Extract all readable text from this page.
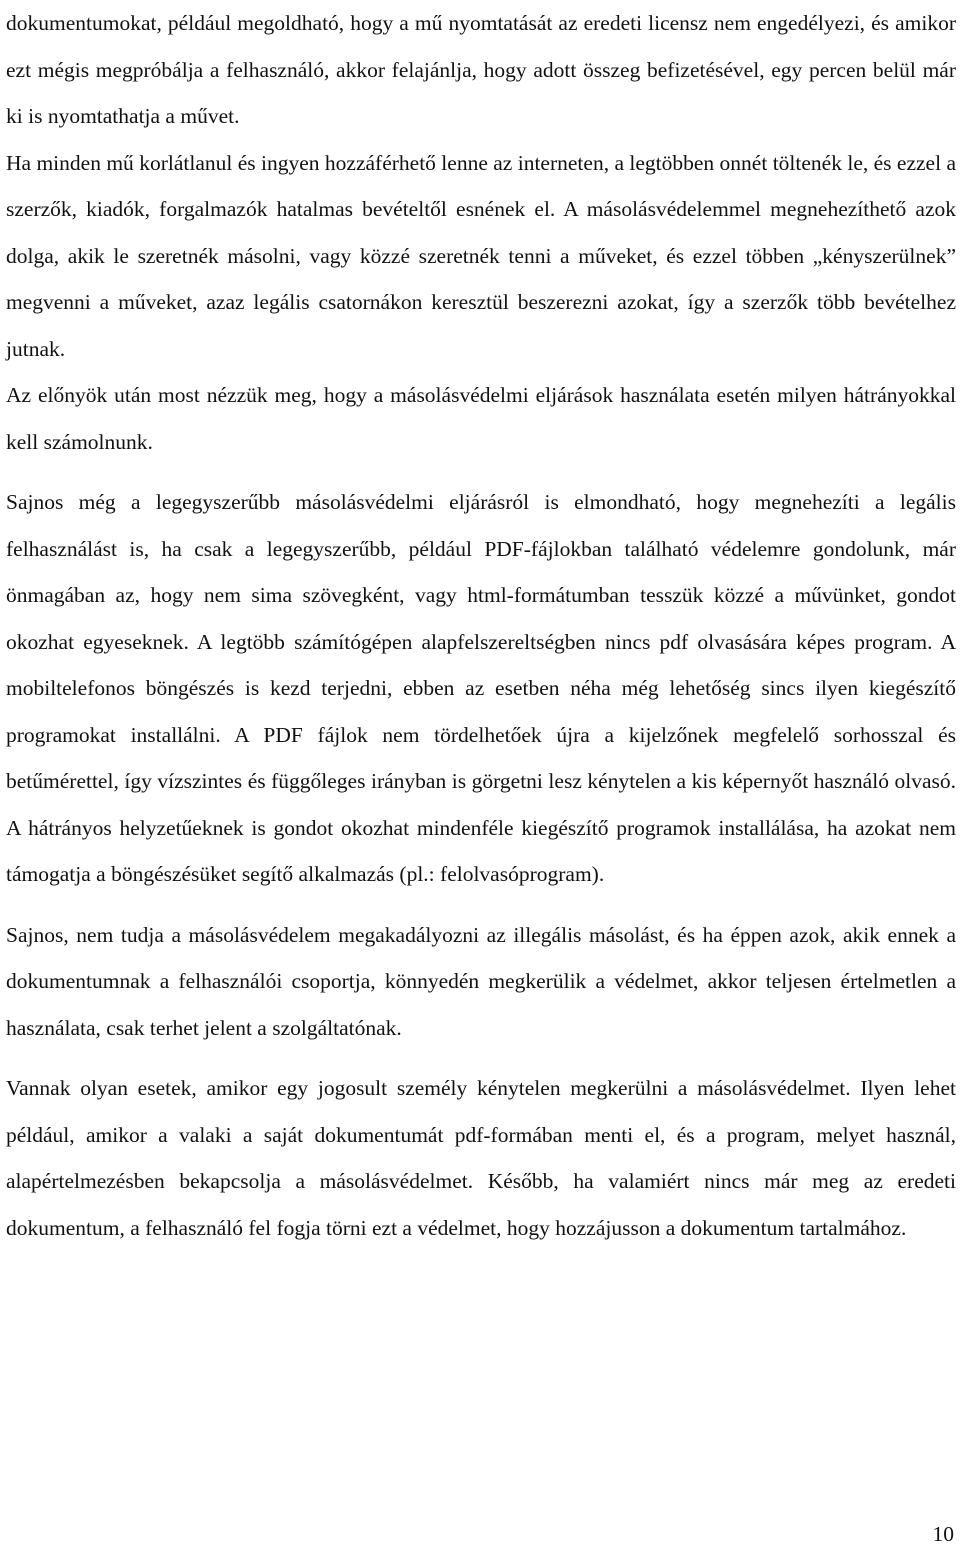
dokumentumokat, például megoldható, hogy a mű nyomtatását az eredeti licensz nem engedélyezi, és amikor ezt mégis megpróbálja a felhasználó, akkor felajánlja, hogy adott összeg befizetésével, egy percen belül már ki is nyomtathatja a művet.

Ha minden mű korlátlanul és ingyen hozzáférhető lenne az interneten, a legtöbben onnét töltenék le, és ezzel a szerzők, kiadók, forgalmazók hatalmas bevételtől esnének el. A másolásvédelemmel megnehezíthető azok dolga, akik le szeretnék másolni, vagy közzé szeretnék tenni a műveket, és ezzel többen „kényszerülnek” megvenni a műveket, azaz legális csatornákon keresztül beszerezni azokat, így a szerzők több bevételhez jutnak.

Az előnyök után most nézzük meg, hogy a másolásvédelmi eljárások használata esetén milyen hátrányokkal kell számolnunk.

Sajnos még a legegyszerűbb másolásvédelmi eljárásról is elmondható, hogy megnehezíti a legális felhasználást is, ha csak a legegyszerűbb, például PDF-fájlokban található védelemre gondolunk, már önmagában az, hogy nem sima szövegként, vagy html-formátumban tesszük közzé a művünket, gondot okozhat egyeseknek. A legtöbb számítógépen alapfelszereltségben nincs pdf olvasására képes program. A mobiltelefonos böngészés is kezd terjedni, ebben az esetben néha még lehetőség sincs ilyen kiegészítő programokat installálni. A PDF fájlok nem tördelhetőek újra a kijelzőnek megfelelő sorhosszal és betűmérettel, így vízszintes és függőleges irányban is görgetni lesz kénytelen a kis képernyőt használó olvasó. A hátrányos helyzetűeknek is gondot okozhat mindenféle kiegészítő programok installálása, ha azokat nem támogatja a böngészésüket segítő alkalmazás (pl.: felolvasóprogram).

Sajnos, nem tudja a másolásvédelem megakadályozni az illegális másolást, és ha éppen azok, akik ennek a dokumentumnak a felhasználói csoportja, könnyedén megkerülik a védelmet, akkor teljesen értelmetlen a használata, csak terhet jelent a szolgáltatónak.

Vannak olyan esetek, amikor egy jogosult személy kénytelen megkerülni a másolásvédelmet. Ilyen lehet például, amikor a valaki a saját dokumentumát pdf-formában menti el, és a program, melyet használ, alapértelmezésben bekapcsolja a másolásvédelmet. Később, ha valamiért nincs már meg az eredeti dokumentum, a felhasználó fel fogja törni ezt a védelmet, hogy hozzájusson a dokumentum tartalmához.

10
